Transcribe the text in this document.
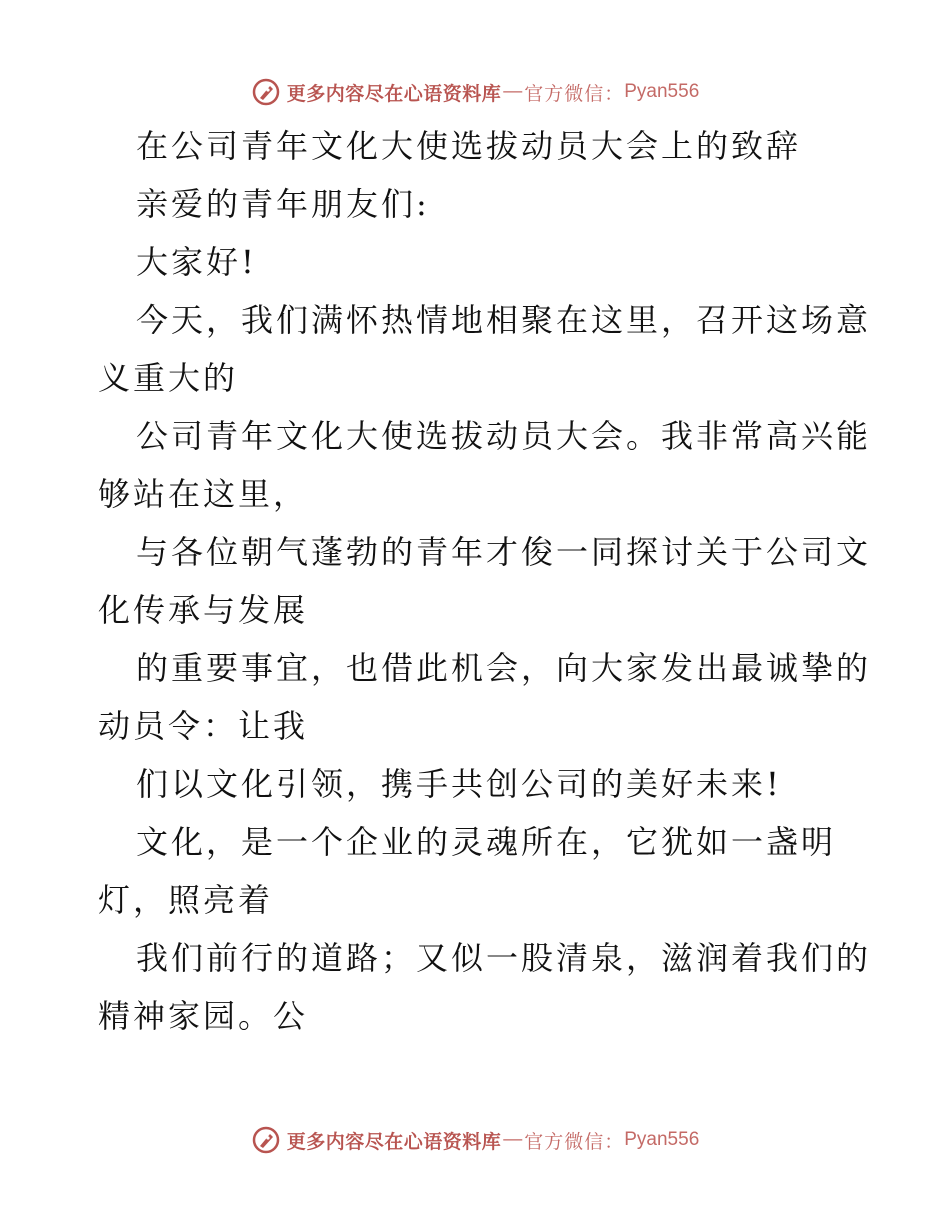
更多内容尽在心语资料库 — 官方微信： Pyan556
在公司青年文化大使选拔动员大会上的致辞
亲爱的青年朋友们:
大家好!
今天，我们满怀热情地相聚在这里，召开这场意
义重大的
公司青年文化大使选拔动员大会。我非常高兴能
够站在这里，
与各位朝气蓬勃的青年才俊一同探讨关于公司文
化传承与发展
的重要事宜，也借此机会，向大家发出最诚挚的
动员令：让我
们以文化引领，携手共创公司的美好未来!
文化，是一个企业的灵魂所在，它犹如一盏明
灯，照亮着
我们前行的道路；又似一股清泉，滋润着我们的
精神家园。公
更多内容尽在心语资料库 — 官方微信： Pyan556
